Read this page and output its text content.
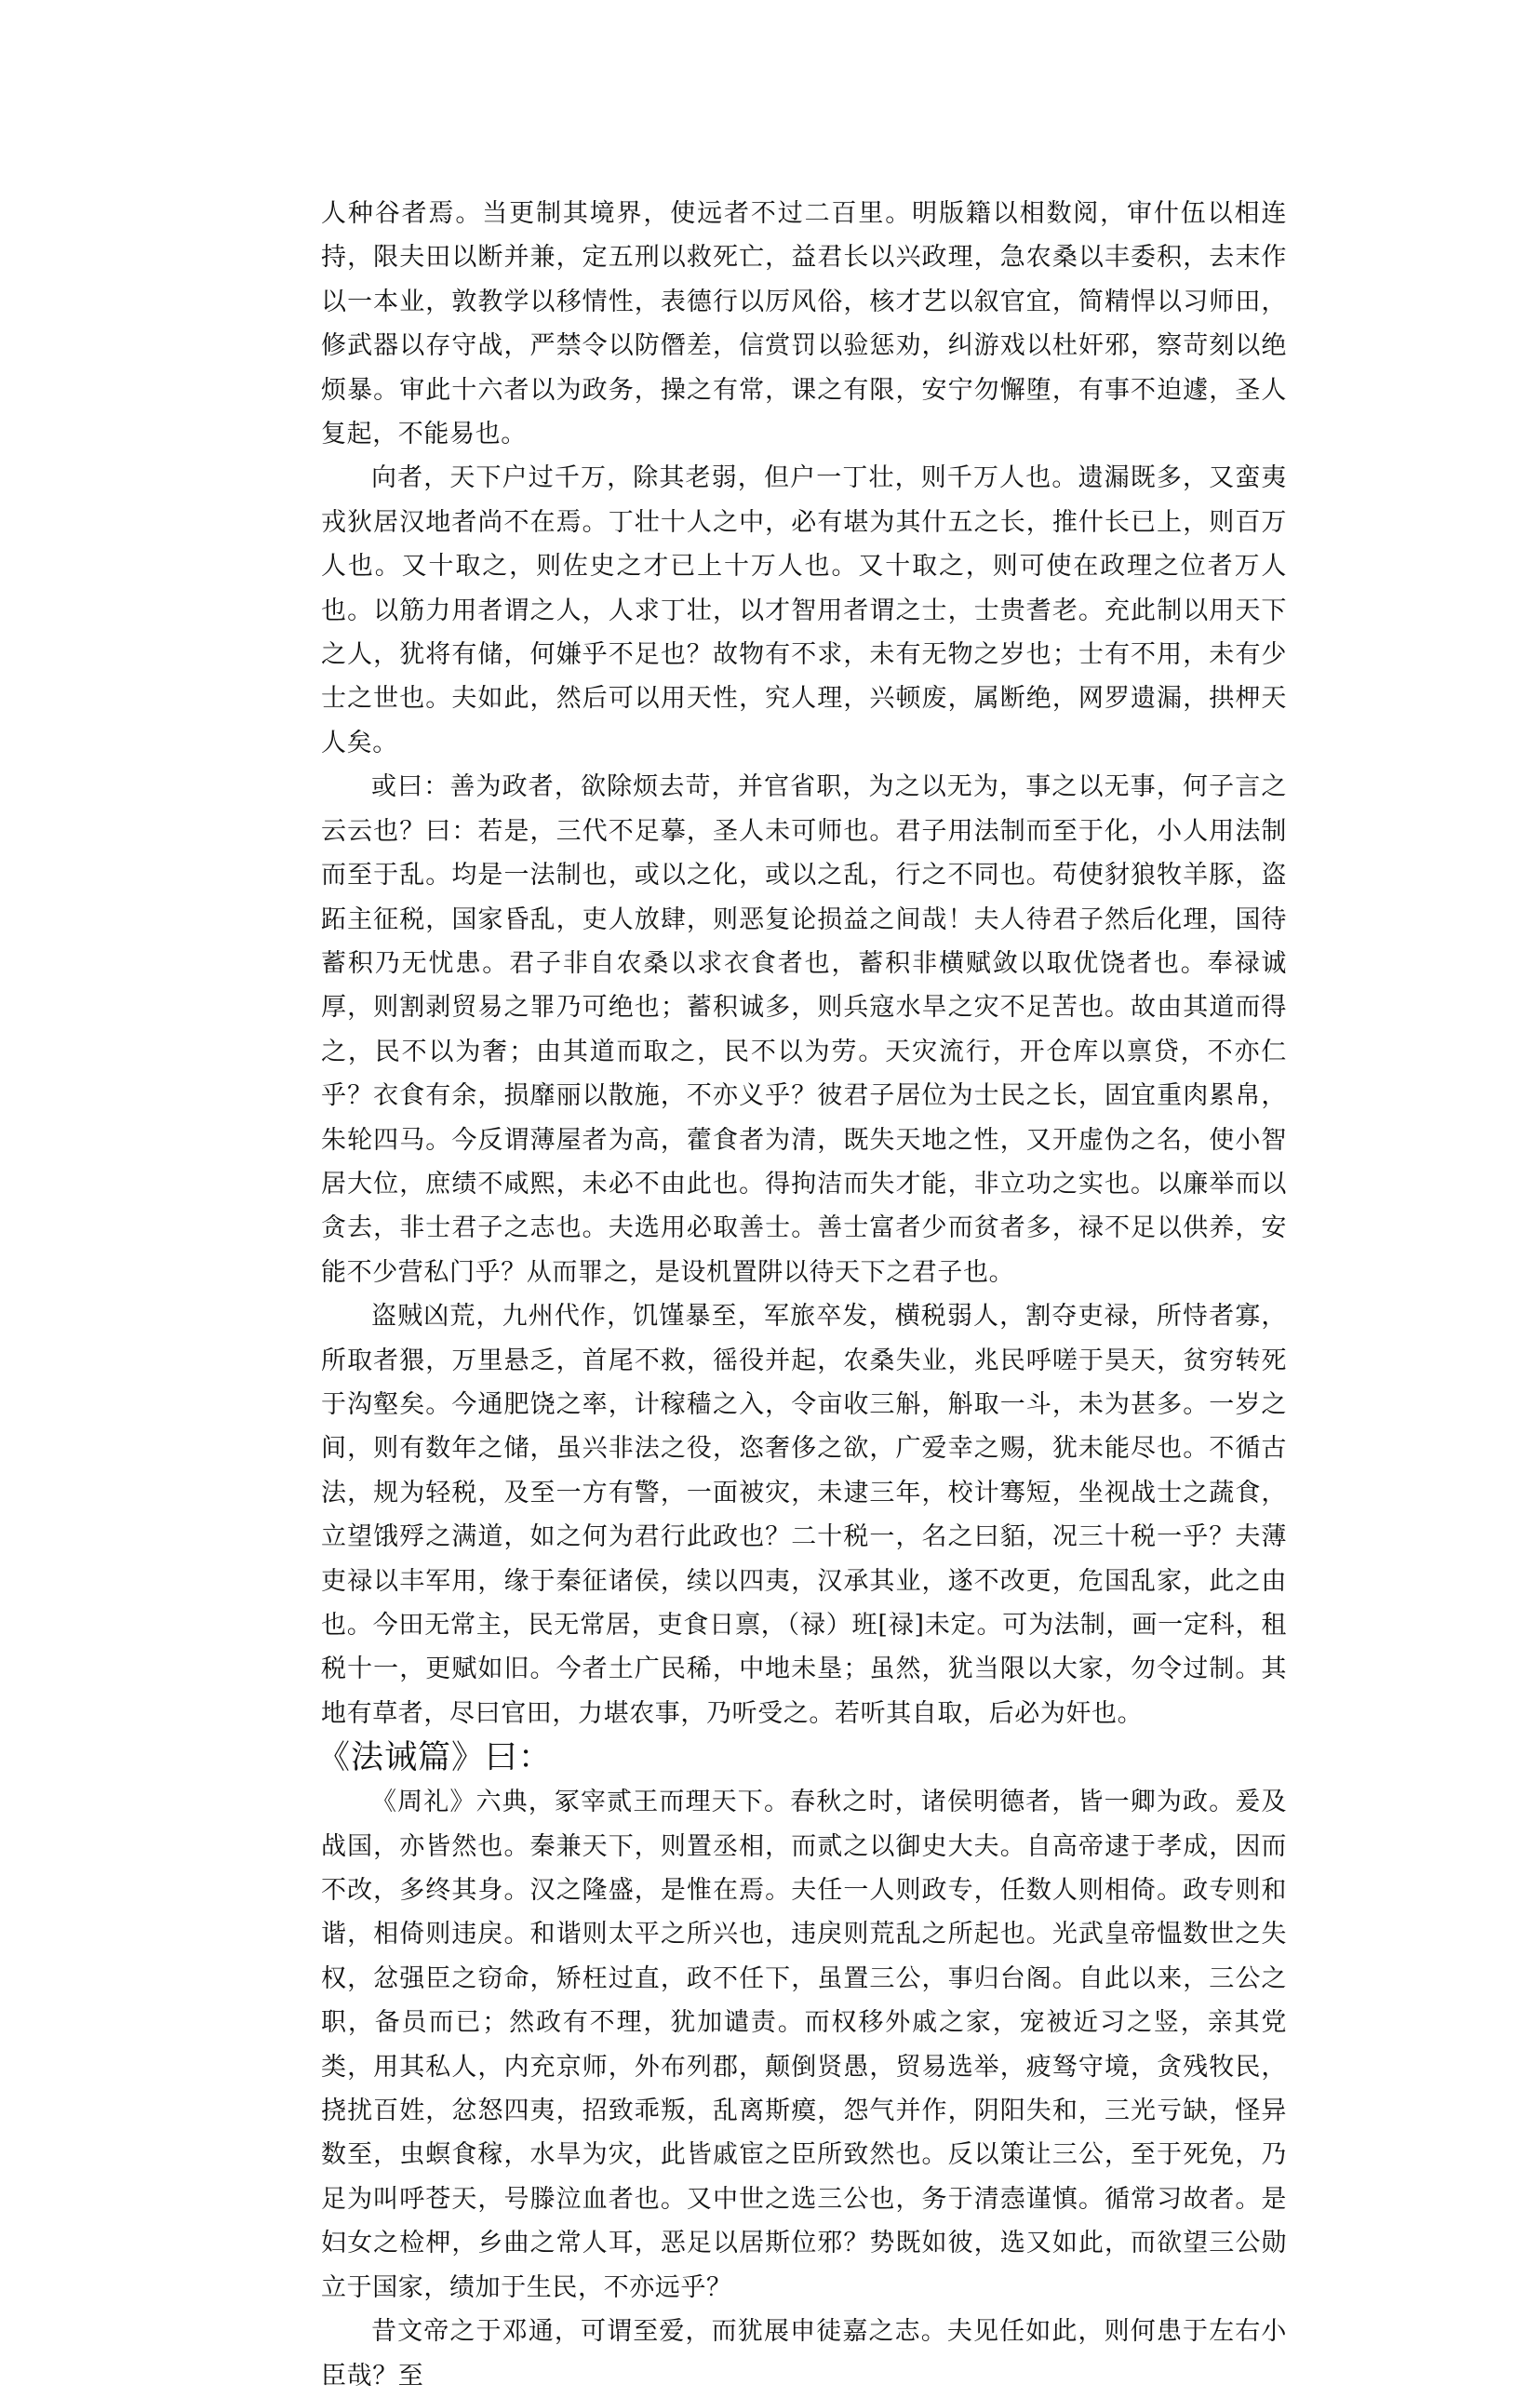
人种谷者焉。当更制其境界，使远者不过二百里。明版籍以相数阅，审什伍以相连持，限夫田以断并兼，定五刑以救死亡，益君长以兴政理，急农桑以丰委积，去末作以一本业，敦教学以移情性，表德行以厉风俗，核才艺以叙官宜，简精悍以习师田，修武器以存守战，严禁令以防僭差，信赏罚以验惩劝，纠游戏以杜奸邪，察苛刻以绝烦暴。审此十六者以为政务，操之有常，课之有限，安宁勿懈堕，有事不迫遽，圣人复起，不能易也。

向者，天下户过千万，除其老弱，但户一丁壮，则千万人也。遗漏既多，又蛮夷戎狄居汉地者尚不在焉。丁壮十人之中，必有堪为其什五之长，推什长已上，则百万人也。又十取之，则佐史之才已上十万人也。又十取之，则可使在政理之位者万人也。以筋力用者谓之人，人求丁壮，以才智用者谓之士，士贵耆老。充此制以用天下之人，犹将有储，何嫌乎不足也？故物有不求，未有无物之岁也；士有不用，未有少士之世也。夫如此，然后可以用天性，究人理，兴顿废，属断绝，网罗遗漏，拱柙天人矣。

或曰：善为政者，欲除烦去苛，并官省职，为之以无为，事之以无事，何子言之云云也？曰：若是，三代不足摹，圣人未可师也。君子用法制而至于化，小人用法制而至于乱。均是一法制也，或以之化，或以之乱，行之不同也。苟使豺狼牧羊豚，盗跖主征税，国家昏乱，吏人放肆，则恶复论损益之间哉！夫人待君子然后化理，国待蓄积乃无忧患。君子非自农桑以求衣食者也，蓄积非横赋敛以取优饶者也。奉禄诚厚，则割剥贸易之罪乃可绝也；蓄积诚多，则兵寇水旱之灾不足苦也。故由其道而得之，民不以为奢；由其道而取之，民不以为劳。天灾流行，开仓库以禀贷，不亦仁乎？衣食有余，损靡丽以散施，不亦义乎？彼君子居位为士民之长，固宜重肉累帛，朱轮四马。今反谓薄屋者为高，藿食者为清，既失天地之性，又开虚伪之名，使小智居大位，庶绩不咸熙，未必不由此也。得拘洁而失才能，非立功之实也。以廉举而以贪去，非士君子之志也。夫选用必取善士。善士富者少而贫者多，禄不足以供养，安能不少营私门乎？从而罪之，是设机置阱以待天下之君子也。

盗贼凶荒，九州代作，饥馑暴至，军旅卒发，横税弱人，割夺吏禄，所恃者寡，所取者猥，万里悬乏，首尾不救，徭役并起，农桑失业，兆民呼嗟于昊天，贫穷转死于沟壑矣。今通肥饶之率，计稼穑之入，令亩收三斛，斛取一斗，未为甚多。一岁之间，则有数年之储，虽兴非法之役，恣奢侈之欲，广爱幸之赐，犹未能尽也。不循古法，规为轻税，及至一方有警，一面被灾，未逮三年，校计骞短，坐视战士之蔬食，立望饿殍之满道，如之何为君行此政也？二十税一，名之曰貊，况三十税一乎？夫薄吏禄以丰军用，缘于秦征诸侯，续以四夷，汉承其业，遂不改更，危国乱家，此之由也。今田无常主，民无常居，吏食日禀，（禄）班[禄]未定。可为法制，画一定科，租税十一，更赋如旧。今者土广民稀，中地未垦；虽然，犹当限以大家，勿令过制。其地有草者，尽曰官田，力堪农事，乃听受之。若听其自取，后必为奸也。

《法诫篇》曰：

《周礼》六典，冢宰贰王而理天下。春秋之时，诸侯明德者，皆一卿为政。爰及战国，亦皆然也。秦兼天下，则置丞相，而贰之以御史大夫。自高帝逮于孝成，因而不改，多终其身。汉之隆盛，是惟在焉。夫任一人则政专，任数人则相倚。政专则和谐，相倚则违戾。和谐则太平之所兴也，违戾则荒乱之所起也。光武皇帝愠数世之失权，忿强臣之窃命，矫枉过直，政不任下，虽置三公，事归台阁。自此以来，三公之职，备员而已；然政有不理，犹加谴责。而权移外戚之家，宠被近习之竖，亲其党类，用其私人，内充京师，外布列郡，颠倒贤愚，贸易选举，疲驽守境，贪残牧民，挠扰百姓，忿怒四夷，招致乖叛，乱离斯瘼，怨气并作，阴阳失和，三光亏缺，怪异数至，虫螟食稼，水旱为灾，此皆戚宦之臣所致然也。反以策让三公，至于死免，乃足为叫呼苍天，号滕泣血者也。又中世之选三公也，务于清悫谨慎。循常习故者。是妇女之检柙，乡曲之常人耳，恶足以居斯位邪？势既如彼，选又如此，而欲望三公勋立于国家，绩加于生民，不亦远乎？

昔文帝之于邓通，可谓至爱，而犹展申徒嘉之志。夫见任如此，则何患于左右小臣哉？至
